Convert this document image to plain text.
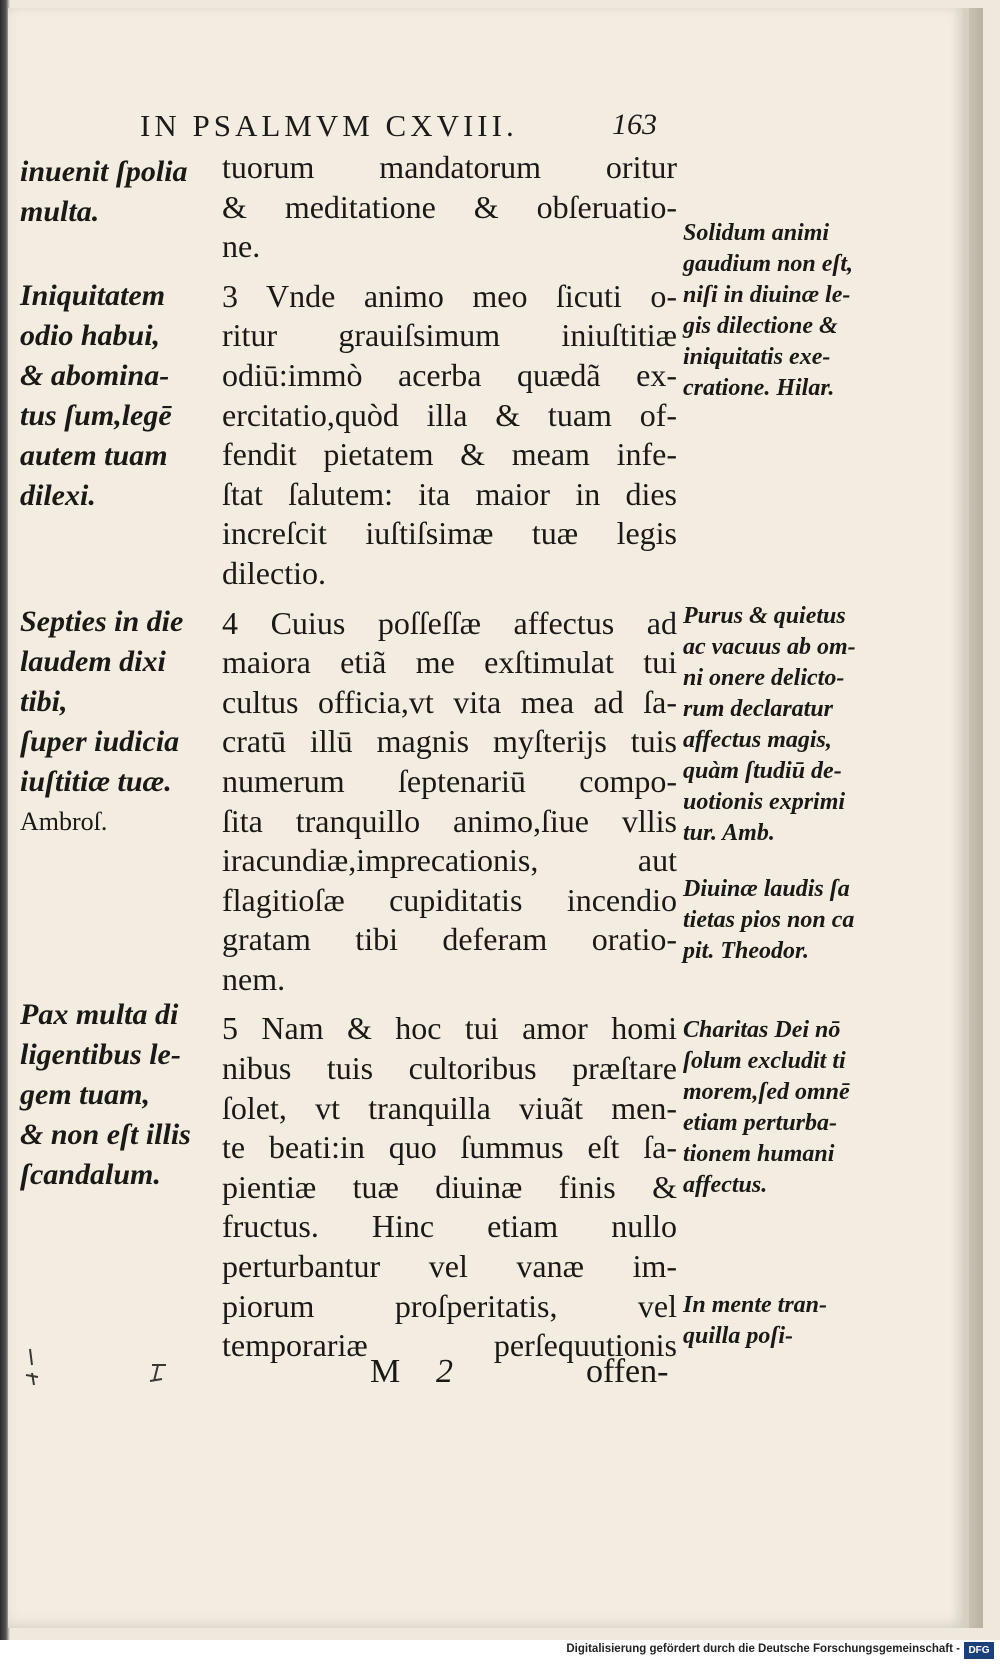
IN PSALMVM CXVIII.	163
tuorum mandatorum oritur
& meditatione & obſeruatio-
ne.
3 Vnde animo meo ſicuti o-
ritur grauiſsimum iniuſtitiæ
odiū:immò acerba quædã ex-
ercitatio,quòd illa & tuam of-
fendit pietatem & meam infe-
ſtat ſalutem: ita maior in dies
increſcit iuſtiſsimæ tuæ legis
dilectio.
4 Cuius poſſeſſæ affectus ad
maiora etiã me exſtimulat tui
cultus officia,vt vita mea ad ſa-
cratū illū magnis myſterijs tuis
numerum ſeptenariū compo-
ſita tranquillo animo,ſiue vllis
iracundiæ,imprecationis, aut
flagitioſæ cupiditatis incendio
gratam tibi deferam oratio-
nem.
5 Nam & hoc tui amor homi
nibus tuis cultoribus præſtare
ſolet, vt tranquilla viuãt men-
te beati:in quo ſummus eſt ſa-
pientiæ tuæ diuinæ finis &
fructus. Hinc etiam nullo
perturbantur vel vanæ im-
piorum proſperitatis, vel
temporariæ perſequutionis
inuenit ſpolia
multa.
Iniquitatem
odio habui,
& abomina-
tus ſum,legē
autem tuam
dilexi.
Septies in die
laudem dixi
tibi,
ſuper iudicia
iuſtitiæ tuæ.
Ambroſ.
Pax multa di
ligentibus le-
gem tuam,
& non eſt illis
ſcandalum.
Solidum animi
gaudium non eſt,
niſi in diuinæ le-
gis dilectione &
iniquitatis exe-
cratione. Hilar.
Purus & quietus
ac vacuus ab om-
ni onere delicto-
rum declaratur
affectus magis,
quàm ſtudiū de-
uotionis exprimi
tur. Amb.
Diuinæ laudis ſa
tietas pios non ca
pit. Theodor.
Charitas Dei nō
ſolum excludit ti
morem,ſed omnē
etiam perturba-
tionem humani
affectus.
In mente tran-
quilla poſi-
M 2	offen-
Digitalisierung gefördert durch die Deutsche Forschungsgemeinschaft - DFG
